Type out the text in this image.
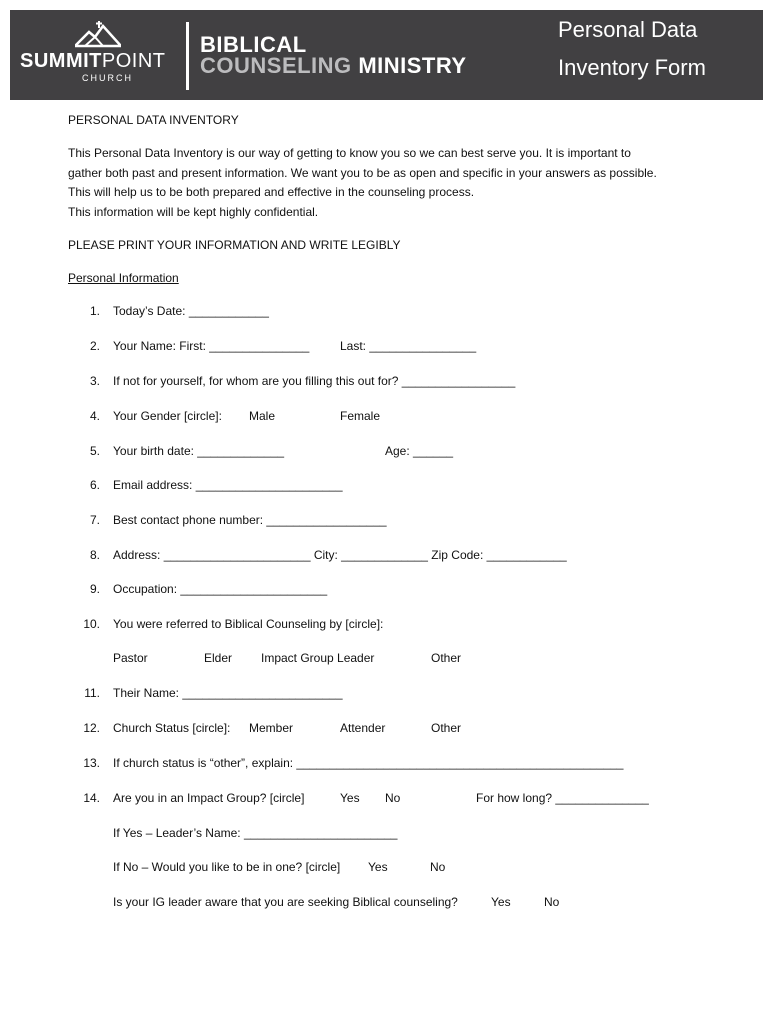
SUMMITPOINT
CHURCH
BIBLICAL
COUNSELING MINISTRY
Personal Data
Inventory Form
PERSONAL DATA INVENTORY
This Personal Data Inventory is our way of getting to know you so we can best serve you. It is important to
gather both past and present information. We want you to be as open and specific in your answers as possible.
This will help us to be both prepared and effective in the counseling process.
This information will be kept highly confidential.
PLEASE PRINT YOUR INFORMATION AND WRITE LEGIBLY
Personal Information
1. Today’s Date: ____________
2. Your Name: First: _______________	Last: ________________
3. If not for yourself, for whom are you filling this out for? _________________
4. Your Gender [circle]: Male	Female
5. Your birth date: _____________	Age: ______
6. Email address: ______________________
7. Best contact phone number: __________________
8. Address: ______________________ City: _____________ Zip Code: ____________
9. Occupation: ______________________
10. You were referred to Biblical Counseling by [circle]:
Pastor	Elder Impact Group Leader	Other
11. Their Name: ________________________
12. Church Status [circle]: Member	Attender	Other
13. If church status is “other”, explain: _________________________________________________
14. Are you in an Impact Group? [circle]	Yes No	For how long? ______________
If Yes – Leader’s Name: _______________________
If No – Would you like to be in one? [circle] Yes	No
Is your IG leader aware that you are seeking Biblical counseling?	Yes	No
